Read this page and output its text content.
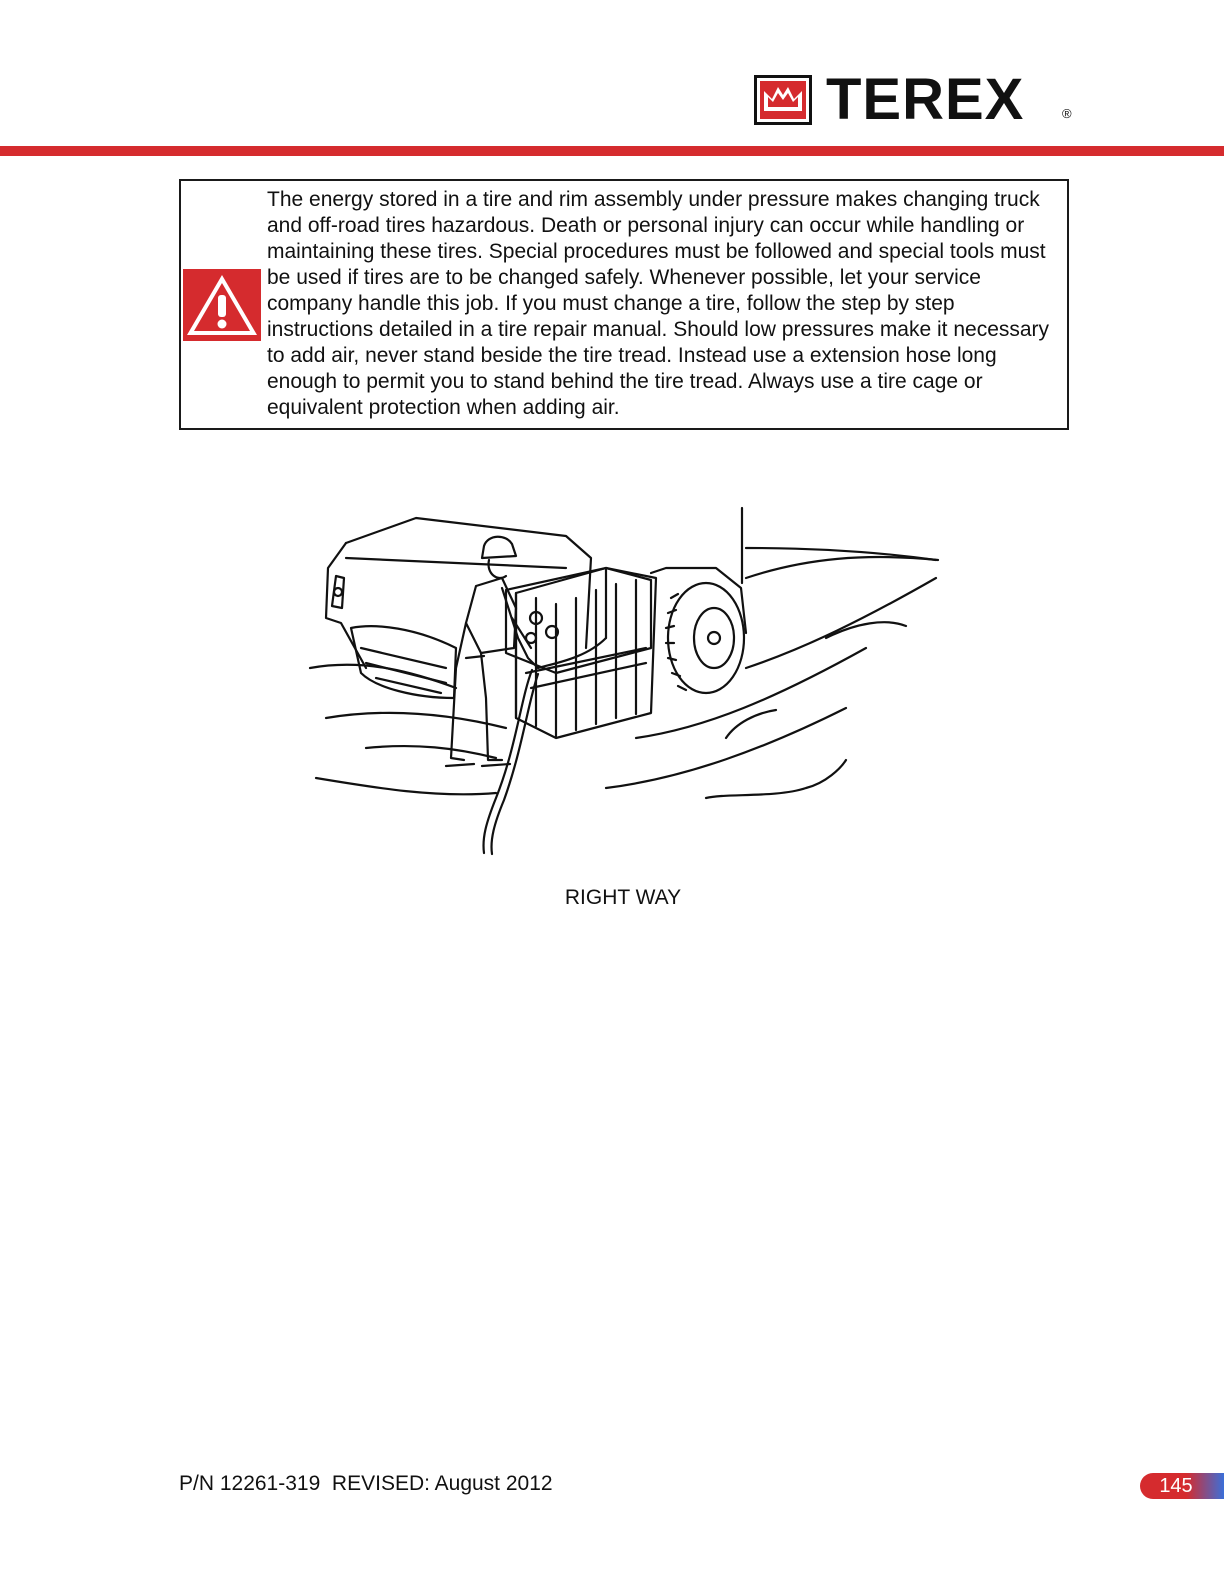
TEREX	®

The energy stored in a tire and rim assembly under pressure makes changing truck and off-road tires hazardous. Death or personal injury can occur while handling or maintaining these tires. Special procedures must be followed and special tools must be used if tires are to be changed safely. Whenever possible, let your service company handle this job. If you must change a tire, follow the step by step instructions detailed in a tire repair manual. Should low pressures make it necessary to add air, never stand beside the tire tread. Instead use a extension hose long enough to permit you to stand behind the tire tread. Always use a tire cage or equivalent protection when adding air.

RIGHT WAY
P/N 12261-319  REVISED: August 2012	145
